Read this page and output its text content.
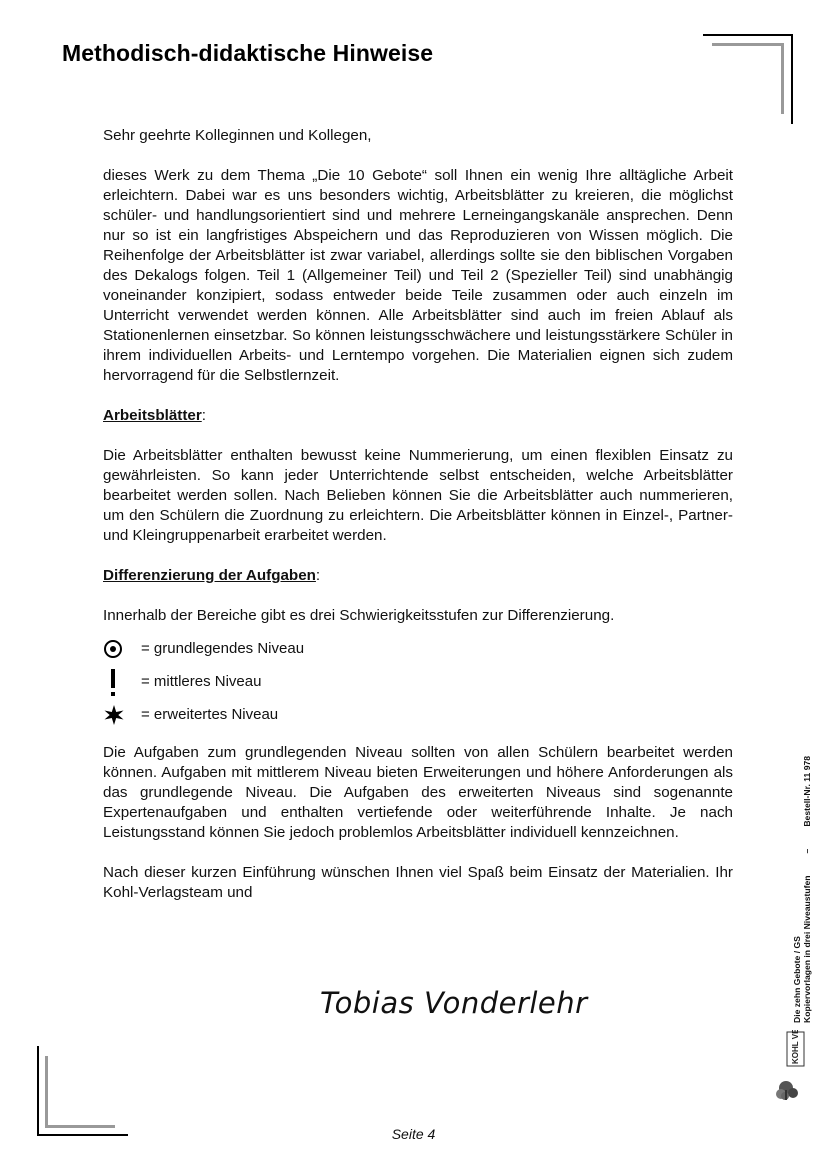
Methodisch-didaktische Hinweise

Sehr geehrte Kolleginnen und Kollegen,

dieses Werk zu dem Thema „Die 10 Gebote“ soll Ihnen ein wenig Ihre alltägliche Arbeit erleichtern. Dabei war es uns besonders wichtig, Arbeitsblätter zu kreieren, die möglichst schüler- und handlungsorientiert sind und mehrere Lerneingangskanäle ansprechen. Denn nur so ist ein langfristiges Abspeichern und das Reproduzieren von Wissen möglich. Die Reihenfolge der Arbeitsblätter ist zwar variabel, allerdings sollte sie den biblischen Vorgaben des Dekalogs folgen. Teil 1 (Allgemeiner Teil) und Teil 2 (Spezieller Teil) sind unabhängig voneinander konzipiert, sodass entweder beide Teile zusammen oder auch einzeln im Unterricht verwendet werden können. Alle Arbeitsblätter sind auch im freien Ablauf als Stationenlernen einsetzbar. So können leistungsschwächere und leistungsstärkere Schüler in ihrem individuellen Arbeits- und Lerntempo vorgehen. Die Materialien eignen sich zudem hervorragend für die Selbstlernzeit.

Arbeitsblätter:

Die Arbeitsblätter enthalten bewusst keine Nummerierung, um einen flexiblen Einsatz zu gewährleisten. So kann jeder Unterrichtende selbst entscheiden, welche Arbeitsblätter bearbeitet werden sollen. Nach Belieben können Sie die Arbeitsblätter auch nummerieren, um den Schülern die Zuordnung zu erleichtern. Die Arbeitsblätter können in Einzel-, Partner- und Kleingruppenarbeit erarbeitet werden.

Differenzierung der Aufgaben:

Innerhalb der Bereiche gibt es drei Schwierigkeitsstufen zur Differenzierung.

= grundlegendes Niveau
= mittleres Niveau
= erweitertes Niveau

Die Aufgaben zum grundlegenden Niveau sollten von allen Schülern bearbeitet werden können. Aufgaben mit mittlerem Niveau bieten Erweiterungen und höhere Anforderungen als das grundlegende Niveau. Die Aufgaben des erweiterten Niveaus sind sogenannte Expertenaufgaben und enthalten vertiefende oder weiterführende Inhalte. Je nach Leistungsstand können Sie jedoch problemlos Arbeitsblätter individuell kennzeichnen.

Nach dieser kurzen Einführung wünschen Ihnen viel Spaß beim Einsatz der Materialien. Ihr Kohl-Verlagsteam und

Tobias Vonderlehr
Seite 4
Die zehn Gebote / GS Kopiervorlagen in drei Niveaustufen–Bestell-Nr. 11 978
KOHL VERLAG
